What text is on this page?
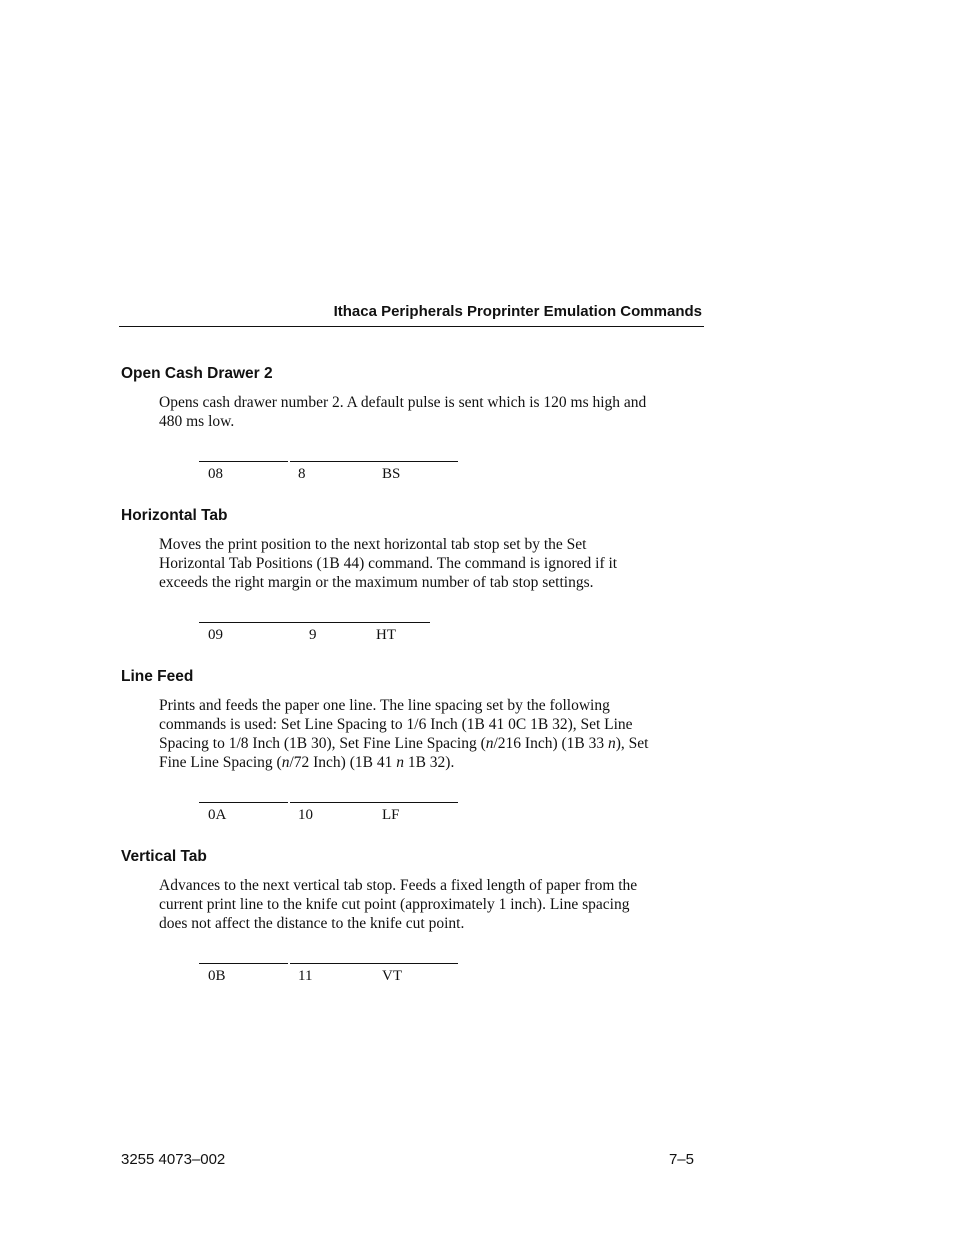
Ithaca Peripherals Proprinter Emulation Commands
Open Cash Drawer 2
Opens cash drawer number 2. A default pulse is sent which is 120 ms high and
480 ms low.
08	8	BS
Horizontal Tab
Moves the print position to the next horizontal tab stop set by the Set
Horizontal Tab Positions (1B 44) command. The command is ignored if it
exceeds the right margin or the maximum number of tab stop settings.
09	9	HT
Line Feed
Prints and feeds the paper one line. The line spacing set by the following
commands is used: Set Line Spacing to 1/6 Inch (1B 41 0C 1B 32), Set Line
Spacing to 1/8 Inch (1B 30), Set Fine Line Spacing (n/216 Inch) (1B 33 n), Set
Fine Line Spacing (n/72 Inch) (1B 41 n 1B 32).
0A	10	LF
Vertical Tab
Advances to the next vertical tab stop. Feeds a fixed length of paper from the
current print line to the knife cut point (approximately 1 inch). Line spacing
does not affect the distance to the knife cut point.
0B	11	VT
3255 4073–002	7–5
